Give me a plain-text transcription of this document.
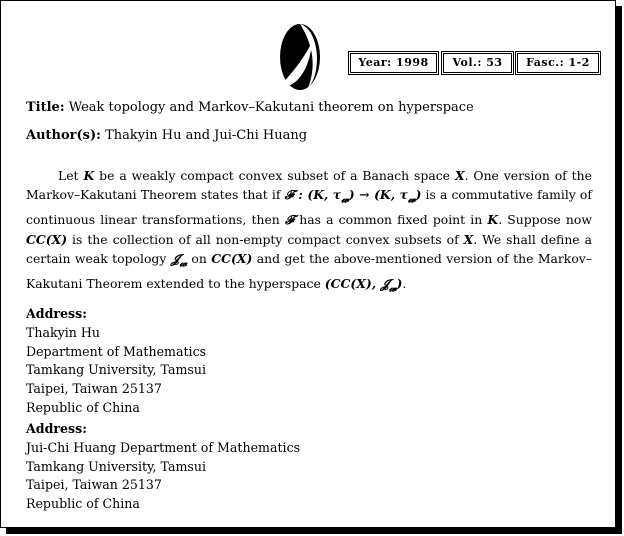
Year: 1998	Vol.: 53	Fasc.: 1-2
Title: Weak topology and Markov–Kakutani theorem on hyperspace
Author(s): Thakyin Hu and Jui-Chi Huang
Let K be a weakly compact convex subset of a Banach space X. One version of the Markov–Kakutani Theorem states that if 𝓕 : (K, $\tau_𝔀) \to (K$, $\tau_𝔀$) is a commutative family of continuous linear transformations, then 𝓕 has a common fixed point in K. Suppose now CC(X) is the collection of all non-empty compact convex subsets of X. We shall define a certain weak topology 𝓙$_𝔀$ on CC(X) and get the above-mentioned version of the Markov–Kakutani Theorem extended to the hyperspace (CC(X), 𝓙$_𝔀$).
Address:
Thakyin Hu
Department of Mathematics
Tamkang University, Tamsui
Taipei, Taiwan 25137
Republic of China
Address:
Jui-Chi Huang Department of Mathematics
Tamkang University, Tamsui
Taipei, Taiwan 25137
Republic of China
